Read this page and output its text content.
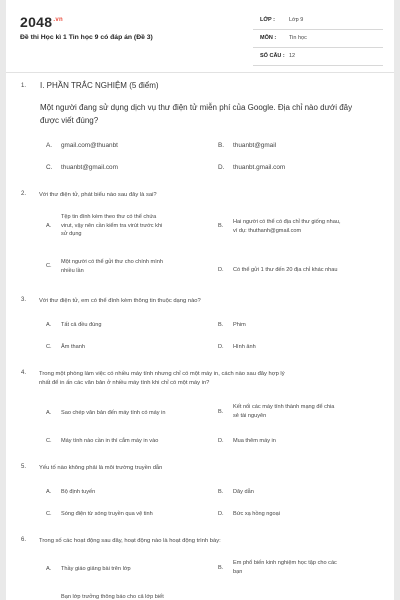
$2048^{.vn}$
Đề thi Học kì 1 Tin học 9 có đáp án (Đề 3)
LỚP :	Lớp 9
MÔN : Tin học
SỐ CÂU : 12
1. I. PHẦN TRẮC NGHIỆM (5 điểm)
Một người đang sử dụng dịch vụ thư điện tử miễn phí của Google. Địa chỉ nào dưới đây được viết đúng?
A. gmail.com@thuanbt	B. thuanbt@gmail
C. thuanbt@gmail.com	D. thuanbt.gmail.com
2. Với thư điện tử, phát biểu nào sau đây là sai?
A.
Tệp tin đính kèm theo thư có thể chứa
virut, vậy nên cần kiểm tra virút trước khi
sử dụng
B.
Hai người có thể có địa chỉ thư giống nhau,
ví dụ: thuthanh@gmail.com
C.
Một người có thể gửi thư cho chính mình
nhiều lần	D. Có thể gửi 1 thư đến 20 địa chỉ khác nhau
3. Với thư điện tử, em có thể đính kèm thông tin thuộc dạng nào?
A. Tất cả đều đúng	B. Phim
C. Âm thanh	D. Hình ảnh
4. Trong một phòng làm việc có nhiều máy tính nhưng chỉ có một máy in, cách nào sau đây hợp lý
nhất để in ấn các văn bản ở nhiều máy tính khi chỉ có một máy in?
A. Sao chép văn bản đến máy tính có máy in	B.
Kết nối các máy tính thành mạng để chia
sẻ tài nguyên
C. Máy tính nào cần in thì cắm máy in vào	D. Mua thêm máy in
5. Yếu tố nào không phải là môi trường truyền dẫn
A. Bộ định tuyến	B. Dây dẫn
C. Sóng điện từ sóng truyền qua vệ tinh	D. Bức xạ hồng ngoại
6. Trong số các hoạt động sau đây, hoạt động nào là hoạt động trình bày:
A. Thầy giáo giảng bài trên lớp	B.
Em phổ biến kinh nghiệm học tập cho các
bạn
Bạn lớp trưởng thông báo cho cả lớp biết
